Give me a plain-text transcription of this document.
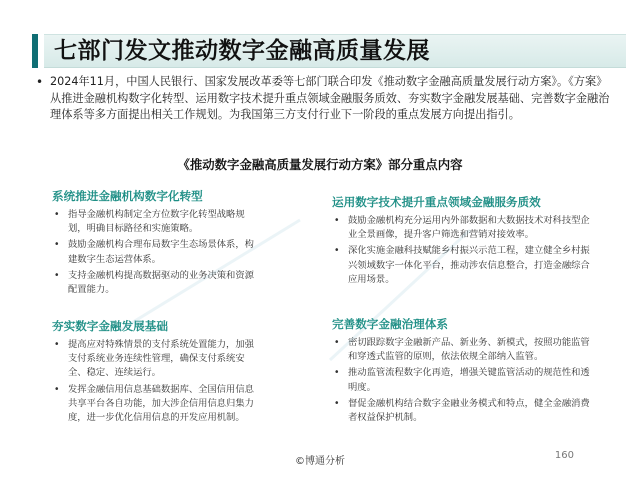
七部门发文推动数字金融高质量发展
• 2024年11月，中国人民银行、国家发展改革委等七部门联合印发《推动数字金融高质量发展行动方案》。《方案》从推进金融机构数字化转型、运用数字技术提升重点领域金融服务质效、夯实数字金融发展基础、完善数字金融治理体系等多方面提出相关工作规划。为我国第三方支付行业下一阶段的重点发展方向提出指引。
《推动数字金融高质量发展行动方案》部分重点内容
系统推进金融机构数字化转型
• 指导金融机构制定全方位数字化转型战略规划，明确目标路径和实施策略。
• 鼓励金融机构合理布局数字生态场景体系，构建数字生态运营体系。
• 支持金融机构提高数据驱动的业务决策和资源配置能力。
夯实数字金融发展基础
• 提高应对特殊情景的支付系统处置能力，加强支付系统业务连续性管理，确保支付系统安全、稳定、连续运行。
• 发挥金融信用信息基础数据库、全国信用信息共享平台各自功能，加大涉企信用信息归集力度，进一步优化信用信息的开发应用机制。
运用数字技术提升重点领域金融服务质效
• 鼓励金融机构充分运用内外部数据和大数据技术对科技型企业全景画像，提升客户筛选和营销对接效率。
• 深化实施金融科技赋能乡村振兴示范工程，建立健全乡村振兴领域数字一体化平台，推动涉农信息整合，打造金融综合应用场景。
完善数字金融治理体系
• 密切跟踪数字金融新产品、新业务、新模式，按照功能监管和穿透式监管的原则，依法依规全部纳入监管。
• 推动监管流程数字化再造，增强关键监管活动的规范性和透明度。
• 督促金融机构结合数字金融业务模式和特点，健全金融消费者权益保护机制。
©博通分析
160
